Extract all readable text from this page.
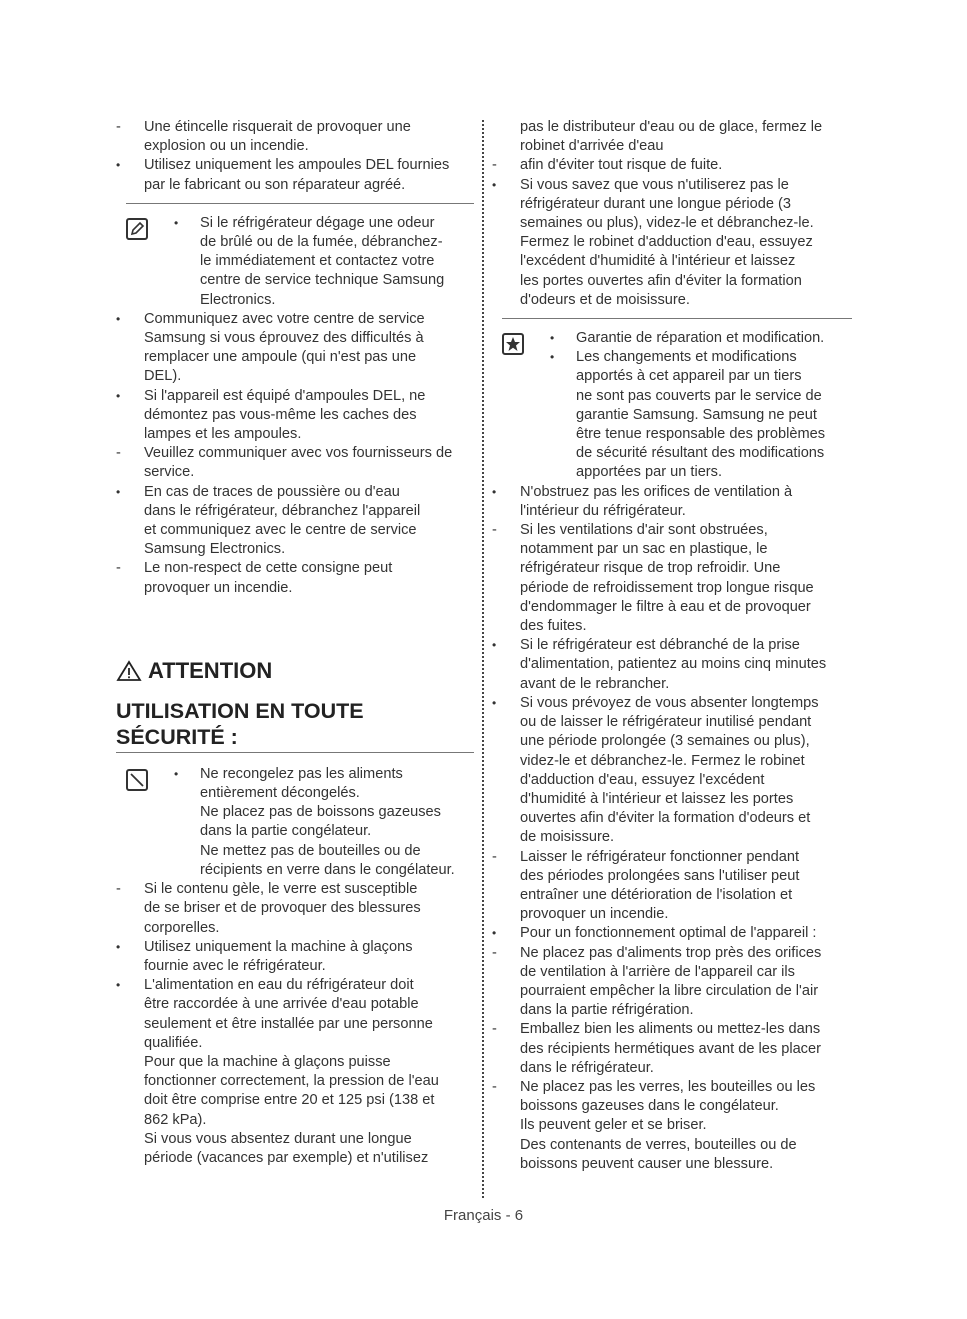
-	Une étincelle risquerait de provoquer une
explosion ou un incendie.
•	Utilisez uniquement les ampoules DEL fournies
par le fabricant ou son réparateur agréé.
•	Si le réfrigérateur dégage une odeur
de brûlé ou de la fumée, débranchez-
le immédiatement et contactez votre
centre de service technique Samsung
Electronics.
•	Communiquez avec votre centre de service
Samsung si vous éprouvez des difficultés à
remplacer une ampoule (qui n'est pas une
DEL).
•	Si l'appareil est équipé d'ampoules DEL, ne
démontez pas vous-même les caches des
lampes et les ampoules.
-	Veuillez communiquer avec vos fournisseurs de
service.
•	En cas de traces de poussière ou d'eau
dans le réfrigérateur, débranchez l'appareil
et communiquez avec le centre de service
Samsung Electronics.
-	Le non-respect de cette consigne peut
provoquer un incendie.
ATTENTION
UTILISATION EN TOUTE
SÉCURITÉ :
•	Ne recongelez pas les aliments
entièrement décongelés.
Ne placez pas de boissons gazeuses
dans la partie congélateur.
Ne mettez pas de bouteilles ou de
récipients en verre dans le congélateur.
-	Si le contenu gèle, le verre est susceptible
de se briser et de provoquer des blessures
corporelles.
•	Utilisez uniquement la machine à glaçons
fournie avec le réfrigérateur.
•	L'alimentation en eau du réfrigérateur doit
être raccordée à une arrivée d'eau potable
seulement et être installée par une personne
qualifiée.
Pour que la machine à glaçons puisse
fonctionner correctement, la pression de l'eau
doit être comprise entre 20 et 125 psi (138 et
862 kPa).
Si vous vous absentez durant une longue
période (vacances par exemple) et n'utilisez
pas le distributeur d'eau ou de glace, fermez le
robinet d'arrivée d'eau
-	afin d'éviter tout risque de fuite.
•	Si vous savez que vous n'utiliserez pas le
réfrigérateur durant une longue période (3
semaines ou plus), videz-le et débranchez-le.
Fermez le robinet d'adduction d'eau, essuyez
l'excédent d'humidité à l'intérieur et laissez
les portes ouvertes afin d'éviter la formation
d'odeurs et de moisissure.
•	Garantie de réparation et modification.
•	Les changements et modifications
apportés à cet appareil par un tiers
ne sont pas couverts par le service de
garantie Samsung. Samsung ne peut
être tenue responsable des problèmes
de sécurité résultant des modifications
apportées par un tiers.
•	N'obstruez pas les orifices de ventilation à
l'intérieur du réfrigérateur.
-	Si les ventilations d'air sont obstruées,
notamment par un sac en plastique, le
réfrigérateur risque de trop refroidir. Une
période de refroidissement trop longue risque
d'endommager le filtre à eau et de provoquer
des fuites.
•	Si le réfrigérateur est débranché de la prise
d'alimentation, patientez au moins cinq minutes
avant de le rebrancher.
•	Si vous prévoyez de vous absenter longtemps
ou de laisser le réfrigérateur inutilisé pendant
une période prolongée (3 semaines ou plus),
videz-le et débranchez-le. Fermez le robinet
d'adduction d'eau, essuyez l'excédent
d'humidité à l'intérieur et laissez les portes
ouvertes afin d'éviter la formation d'odeurs et
de moisissure.
-	Laisser le réfrigérateur fonctionner pendant
des périodes prolongées sans l'utiliser peut
entraîner une détérioration de l'isolation et
provoquer un incendie.
•	Pour un fonctionnement optimal de l'appareil :
-	Ne placez pas d'aliments trop près des orifices
de ventilation à l'arrière de l'appareil car ils
pourraient empêcher la libre circulation de l'air
dans la partie réfrigération.
-	Emballez bien les aliments ou mettez-les dans
des récipients hermétiques avant de les placer
dans le réfrigérateur.
-	Ne placez pas les verres, les bouteilles ou les
boissons gazeuses dans le congélateur.
Ils peuvent geler et se briser.
Des contenants de verres, bouteilles ou de
boissons peuvent causer une blessure.
Français - 6
